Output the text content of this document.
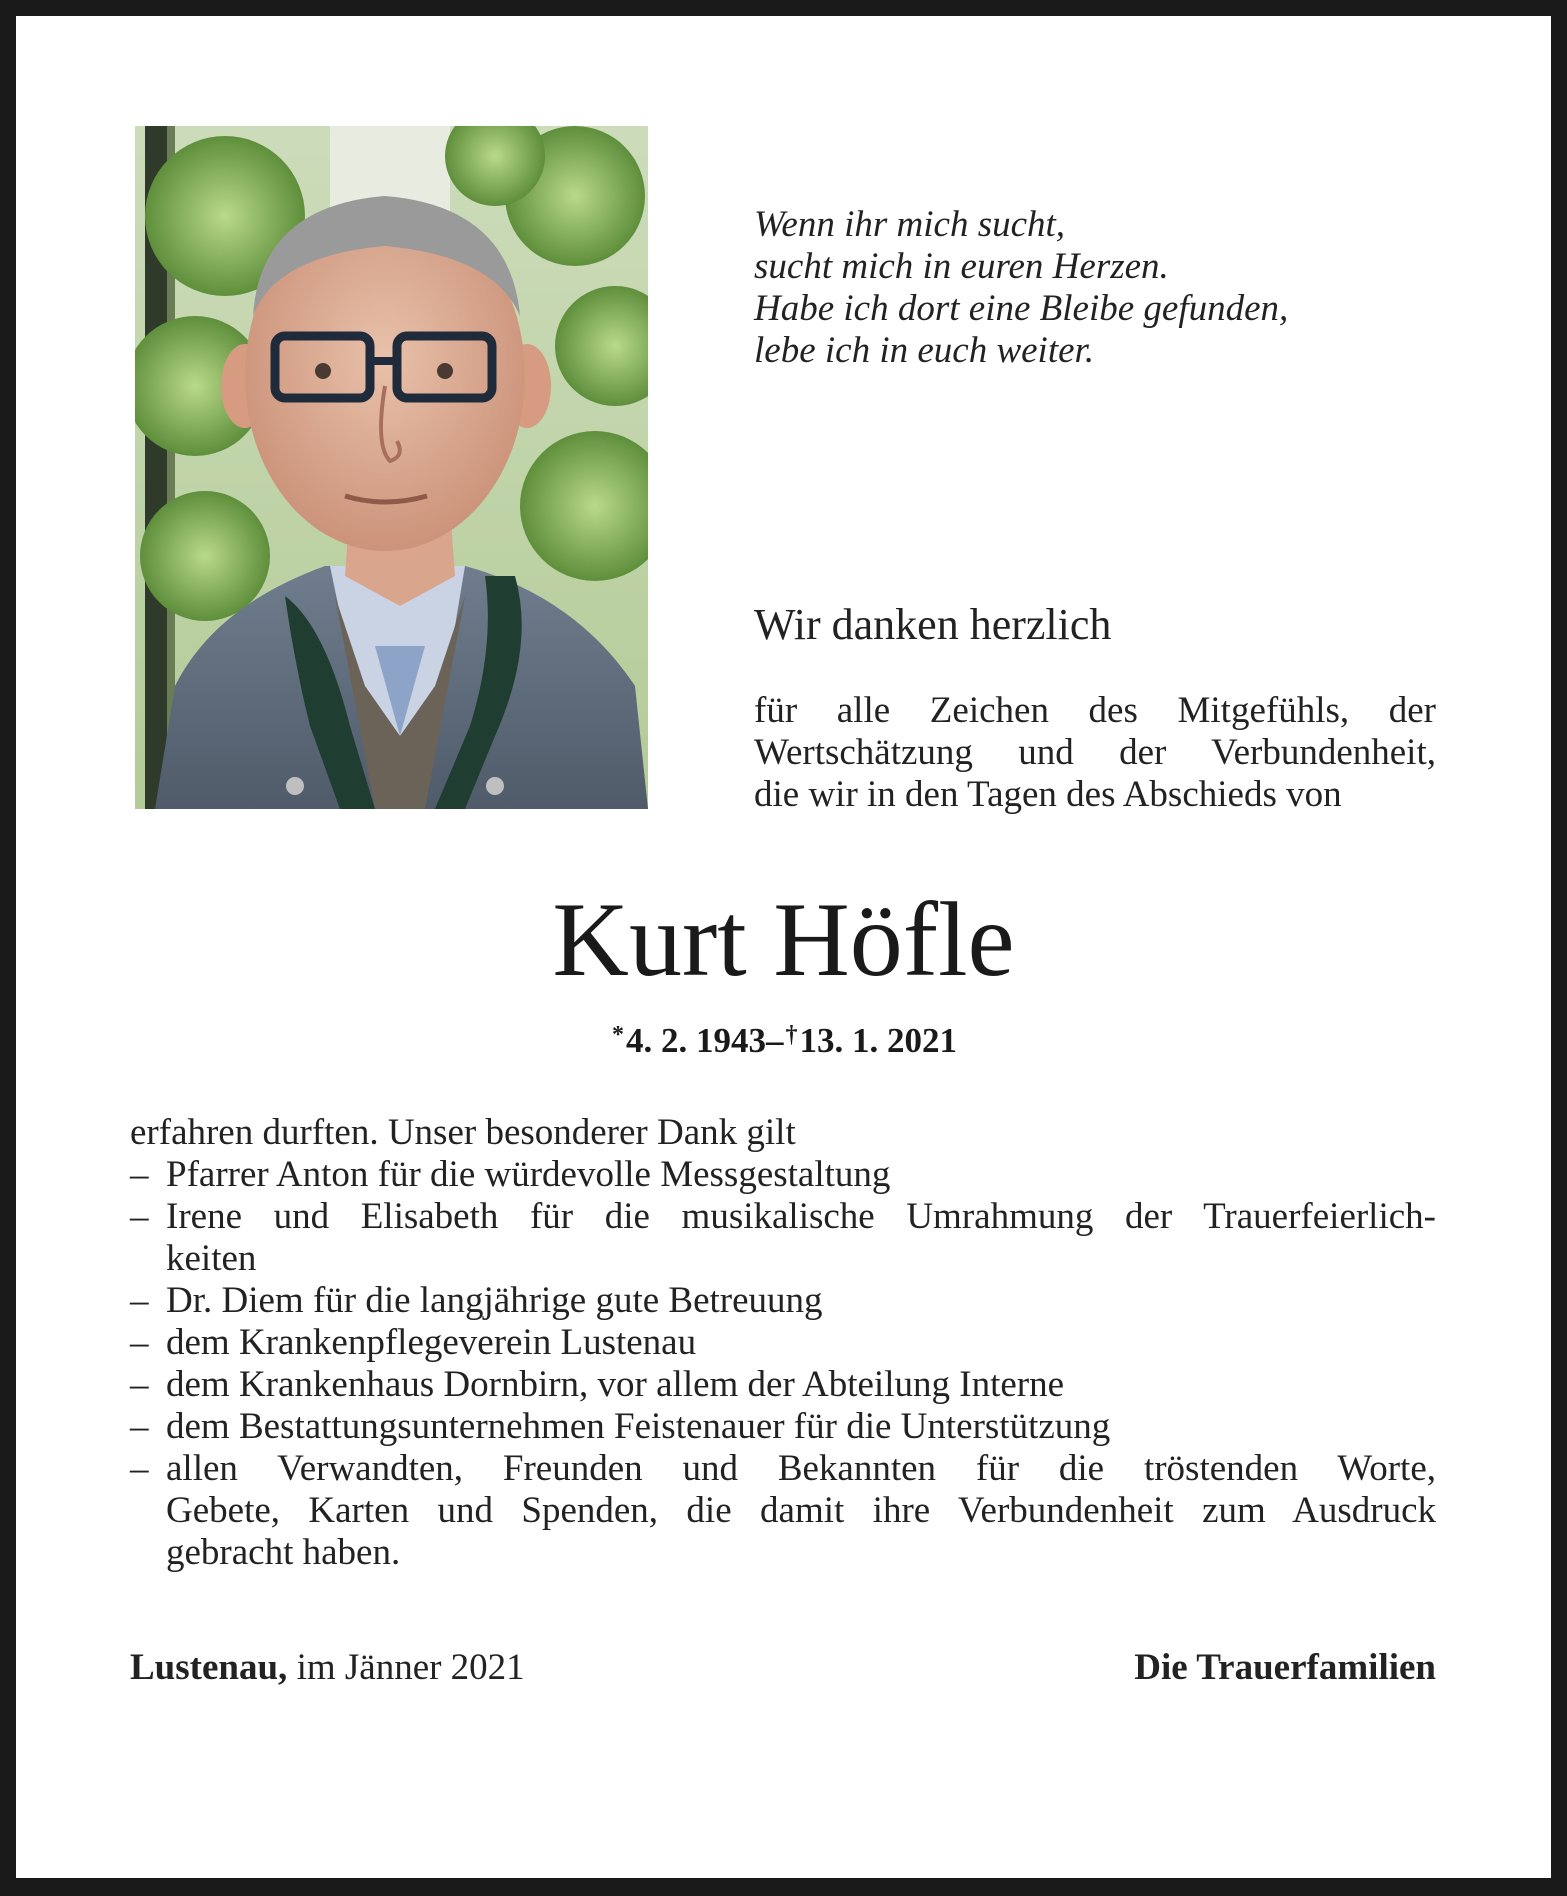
Wenn ihr mich sucht,
sucht mich in euren Herzen.
Habe ich dort eine Bleibe gefunden,
lebe ich in euch weiter.
Wir danken herzlich
für alle Zeichen des Mitgefühls, der
Wertschätzung und der Verbundenheit,
die wir in den Tagen des Abschieds von
Kurt Höfle
*4. 2. 1943–†13. 1. 2021
erfahren durften. Unser besonderer Dank gilt
– Pfarrer Anton für die würdevolle Messgestaltung
– Irene und Elisabeth für die musikalische Umrahmung der Trauerfeierlich-
keiten
– Dr. Diem für die langjährige gute Betreuung
– dem Krankenpflegeverein Lustenau
– dem Krankenhaus Dornbirn, vor allem der Abteilung Interne
– dem Bestattungsunternehmen Feistenauer für die Unterstützung
– allen Verwandten, Freunden und Bekannten für die tröstenden Worte,
Gebete, Karten und Spenden, die damit ihre Verbundenheit zum Ausdruck
gebracht haben.
Lustenau, im Jänner 2021	Die Trauerfamilien
